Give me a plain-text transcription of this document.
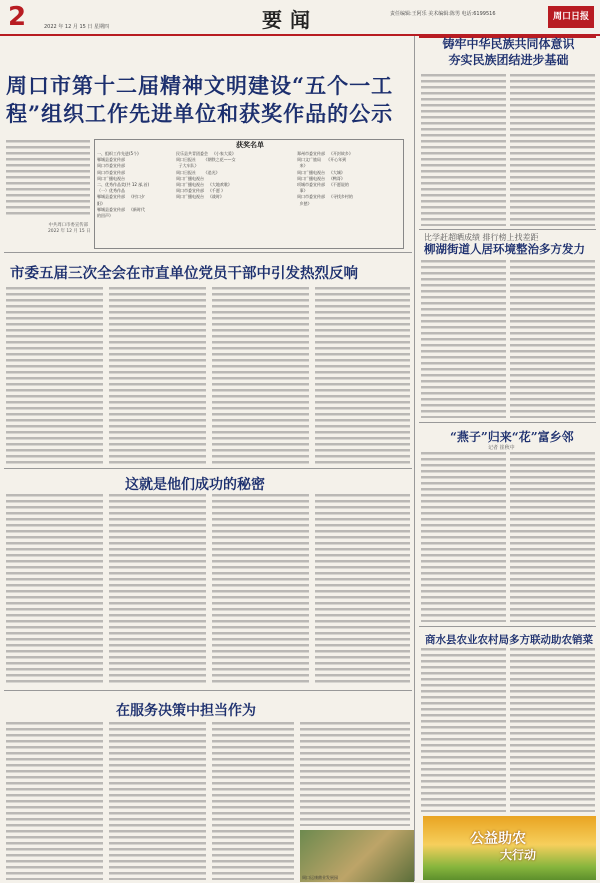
2	2022 年 12 月 15 日 星期四	要闻	责任编辑:王阿乐 美术编辑:陈男 电话:6199516	周口日报
周口市第十二届精神文明建设“五个一工程”组织工作先进单位和获奖作品的公示
中共周口市委宣传部
2022 年 12 月 15 日
获奖名单
一、组织工作先进(5个)
郸城县委宣传部
周口市委宣传部
周口市委宣传部
周口广播电视台
二、优秀作品奖(共 12 部,首)
（一）优秀作品
郸城县委宣传部   《村口夕
阳》
郸城县委宣传部   《新时代
的回声》
民乐县共青团委会   《小家大爱》
周口日报社      《钢铁之花——女
子大车队》
周口日报社      《追光》
周口广播电视台
周口广播电视台   《大地欢歌》
周口市委宣传部   《千愿 》
周口广播电视台   《战时》
郑州市委宣传部   《开封故乡》
周口文广旅局    《开心年到
来》
周口广播电视台   《大城》
周口广播电视台   《鸭哥》
项城市委宣传部   《不愿说的
事》
周口市委宣传部   《寻找乡村的
乡愁》
市委五届三次全会在市直单位党员干部中引发热烈反响
这就是他们成功的秘密
在服务决策中担当作为
周口运康菌业发展园
铸牢中华民族共同体意识
夯实民族团结进步基础
比学赶超晒成绩 排行榜上找差距
柳湖街道人居环境整治多方发力
“燕子”归来“花”富乡邻
记者 崔秋中
商水县农业农村局多方联动助农销菜
公益助农
大行动
